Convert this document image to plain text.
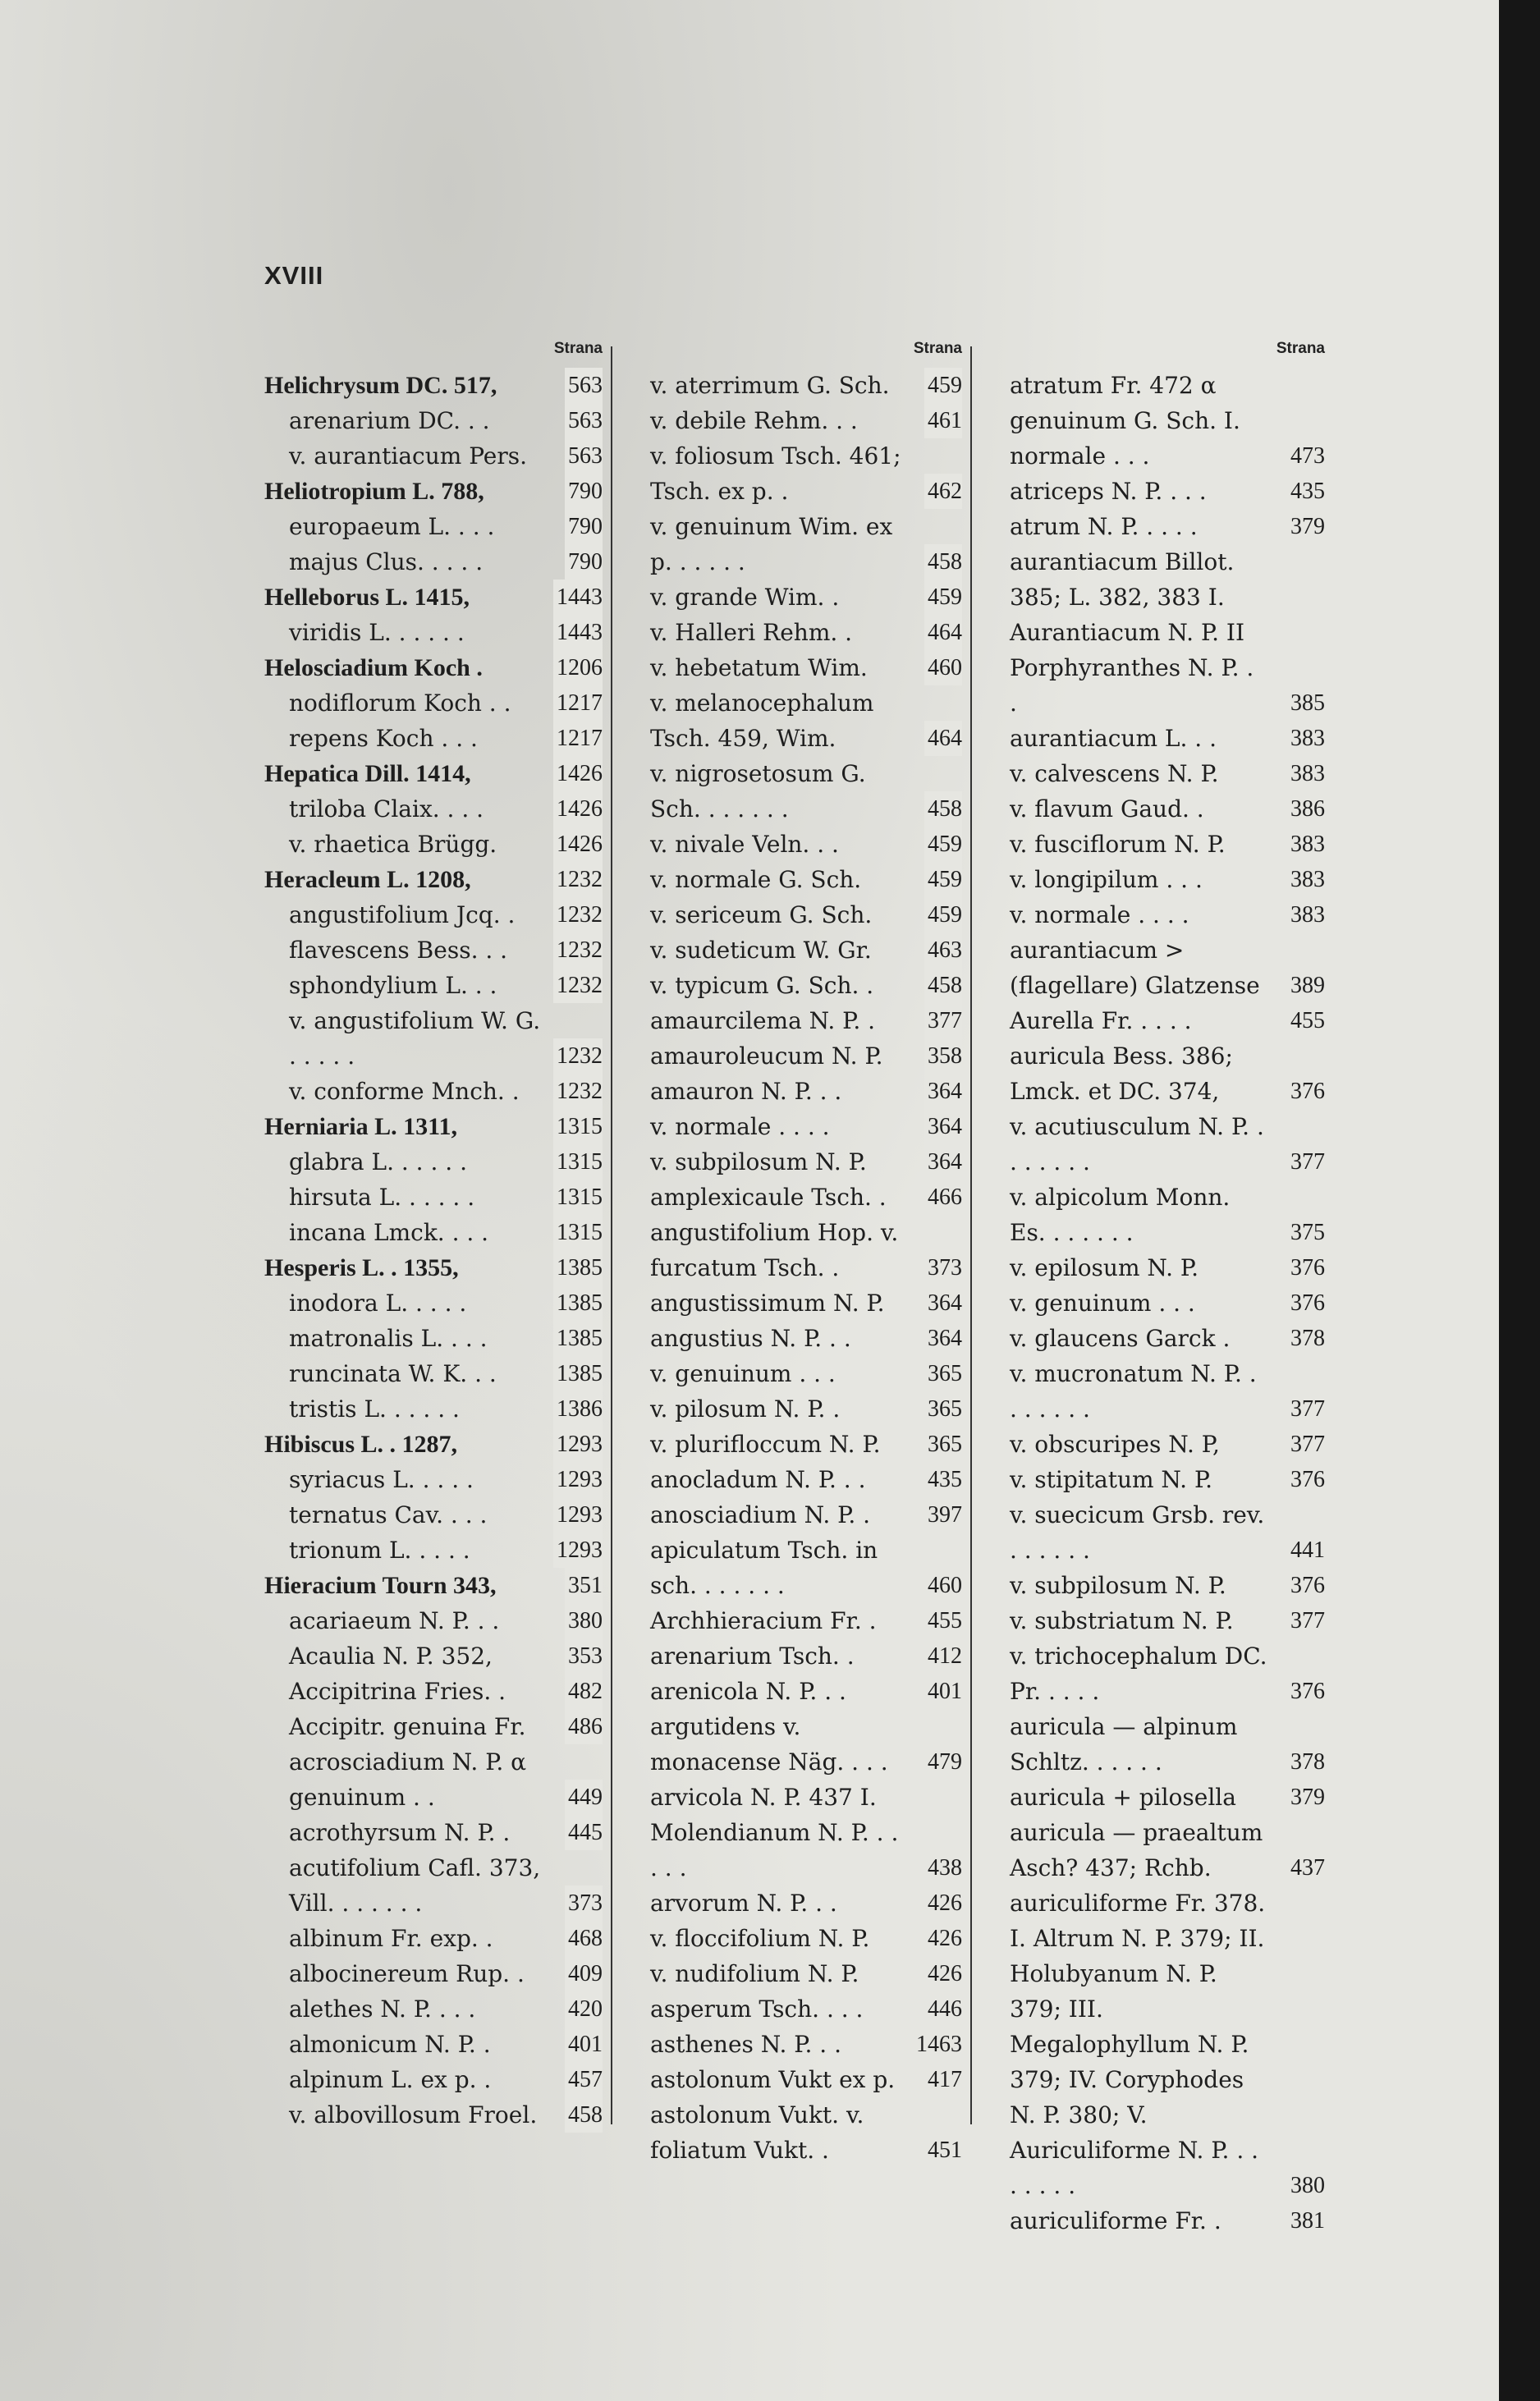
XVIII
Strana
Helichrysum DC. 517,	563
arenarium DC. . .	563
v. aurantiacum Pers.	563
Heliotropium L. 788,	790
europaeum L. . . .	790
majus Clus. . . . .	790
Helleborus L. 1415,	1443
viridis L. . . . . .	1443
Helosciadium Koch .	1206
nodiflorum Koch . .	1217
repens Koch . . .	1217
Hepatica Dill. 1414,	1426
triloba Claix. . . .	1426
v. rhaetica Brügg.	1426
Heracleum L. 1208,	1232
angustifolium Jcq. .	1232
flavescens Bess. . .	1232
sphondylium L. . .	1232
v. angustifolium W. G. . . . . .	1232
v. conforme Mnch. .	1232
Herniaria L. 1311,	1315
glabra L. . . . . .	1315
hirsuta L. . . . . .	1315
incana Lmck. . . .	1315
Hesperis L. . 1355,	1385
inodora L. . . . .	1385
matronalis L. . . .	1385
runcinata W. K. . .	1385
tristis L. . . . . .	1386
Hibiscus L. . 1287,	1293
syriacus L. . . . .	1293
ternatus Cav. . . .	1293
trionum L. . . . .	1293
Hieracium Tourn 343,	351
acariaeum N. P. . .	380
Acaulia N. P. 352,	353
Accipitrina Fries. .	482
Accipitr. genuina Fr.	486
acrosciadium N. P. α genuinum . .	449
acrothyrsum N. P. .	445
acutifolium Cafl. 373, Vill. . . . . . .	373
albinum Fr. exp. .	468
albocinereum Rup. .	409
alethes N. P. . . .	420
almonicum N. P. .	401
alpinum L. ex p. .	457
v. albovillosum Froel.	458
Strana
v. aterrimum G. Sch.	459
v. debile Rehm. . .	461
v. foliosum Tsch. 461; Tsch. ex p. .	462
v. genuinum Wim. ex p. . . . . .	458
v. grande Wim. .	459
v. Halleri Rehm. .	464
v. hebetatum Wim.	460
v. melanocephalum Tsch. 459, Wim.	464
v. nigrosetosum G. Sch. . . . . . .	458
v. nivale Veln. . .	459
v. normale G. Sch.	459
v. sericeum G. Sch.	459
v. sudeticum W. Gr.	463
v. typicum G. Sch. .	458
amaurcilema N. P. .	377
amauroleucum N. P.	358
amauron N. P. . .	364
v. normale . . . .	364
v. subpilosum N. P.	364
amplexicaule Tsch. .	466
angustifolium Hop. v. furcatum Tsch. .	373
angustissimum N. P.	364
angustius N. P. . .	364
v. genuinum . . .	365
v. pilosum N. P. .	365
v. plurifloccum N. P.	365
anocladum N. P. . .	435
anosciadium N. P. .	397
apiculatum Tsch. in sch. . . . . . .	460
Archhieracium Fr. .	455
arenarium Tsch. .	412
arenicola N. P. . .	401
argutidens v. monacense Näg. . . .	479
arvicola N. P. 437 I. Molendianum N. P. . . . . .	438
arvorum N. P. . .	426
v. floccifolium N. P.	426
v. nudifolium N. P.	426
asperum Tsch. . . .	446
asthenes N. P. . .	1463
astolonum Vukt ex p.	417
astolonum Vukt. v. foliatum Vukt. .	451
Strana
atratum Fr. 472 α genuinum G. Sch. I. normale . . .	473
atriceps N. P. . . .	435
atrum N. P. . . . .	379
aurantiacum Billot. 385; L. 382, 383 I. Aurantiacum N. P. II Porphyranthes N. P. . .	385
aurantiacum L. . .	383
v. calvescens N. P.	383
v. flavum Gaud. .	386
v. fusciflorum N. P.	383
v. longipilum . . .	383
v. normale . . . .	383
aurantiacum > (flagellare) Glatzense	389
Aurella Fr. . . . .	455
auricula Bess. 386; Lmck. et DC. 374,	376
v. acutiusculum N. P. . . . . . . .	377
v. alpicolum Monn. Es. . . . . . .	375
v. epilosum N. P.	376
v. genuinum . . .	376
v. glaucens Garck .	378
v. mucronatum N. P. . . . . . . .	377
v. obscuripes N. P,	377
v. stipitatum N. P.	376
v. suecicum Grsb. rev. . . . . . .	441
v. subpilosum N. P.	376
v. substriatum N. P.	377
v. trichocephalum DC. Pr. . . . .	376
auricula — alpinum Schltz. . . . . .	378
auricula + pilosella	379
auricula — praealtum Asch? 437; Rchb.	437
auriculiforme Fr. 378. I. Altrum N. P. 379; II. Holubyanum N. P. 379; III. Megalophyllum N. P. 379; IV. Coryphodes N. P. 380; V. Auriculiforme N. P. . . . . . . .	380
auriculiforme Fr. .	381
